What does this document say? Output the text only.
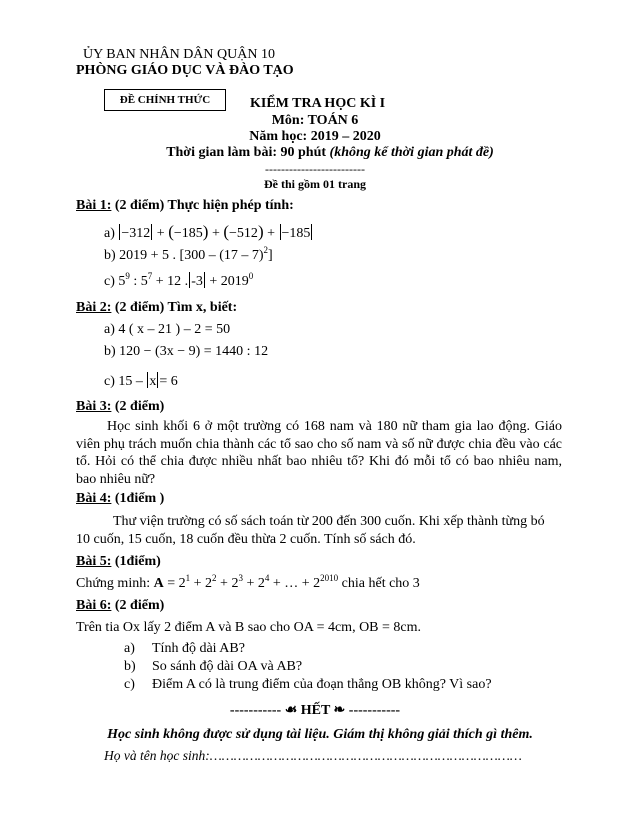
ỦY BAN NHÂN DÂN QUẬN 10
PHÒNG GIÁO DỤC VÀ ĐÀO TẠO
ĐỀ CHÍNH THỨC	KIỂM TRA HỌC KÌ I
Môn: TOÁN 6
Năm học: 2019 – 2020
Thời gian làm bài: 90 phút (không kể thời gian phát đề)
-------------------------
Đề thi gồm 01 trang
Bài 1: (2 điểm) Thực hiện phép tính:
a) −312 + (−185) + (−512) + −185
b) 2019 + 5 . [300 – (17 – 7)$^2$]
c) $5^9$ : $5^7 + 12$ . $-3 + 2019^0$
Bài 2: (2 điểm) Tìm x, biết:
a) 4 ( x – 21 ) – 2 = 50
b) 120 − (3x − 9) = 1440 : 12
c) 15 – x = 6
Bài 3: (2 điểm)
Học sinh khối 6 ở một trường có 168 nam và 180 nữ tham gia lao động. Giáo viên phụ trách muốn chia thành các tổ sao cho số nam và số nữ được chia đều vào các tổ. Hỏi có thể chia được nhiều nhất bao nhiêu tổ? Khi đó mỗi tổ có bao nhiêu nam, bao nhiêu nữ?
Bài 4: (1điểm )
Thư viện trường có số sách toán từ 200 đến 300 cuốn. Khi xếp thành từng bó 10 cuốn, 15 cuốn, 18 cuốn đều thừa 2 cuốn. Tính số sách đó.
Bài 5: (1điểm)
Chứng minh: $A = 2^1 + 2^2 + 2^3 + 2^4$ + … + $2^{2010}$ chia hết cho 3
Bài 6: (2 điểm)
Trên tia Ox lấy 2 điểm A và B sao cho OA = 4cm, OB = 8cm.
a) Tính độ dài AB?
b) So sánh độ dài OA và AB?
c) Điểm A có là trung điểm của đoạn thẳng OB không? Vì sao?
----------- ☙ HẾT ❧ -----------
Học sinh không được sử dụng tài liệu. Giám thị không giải thích gì thêm.
Họ và tên học sinh:……………………………………………………………………
